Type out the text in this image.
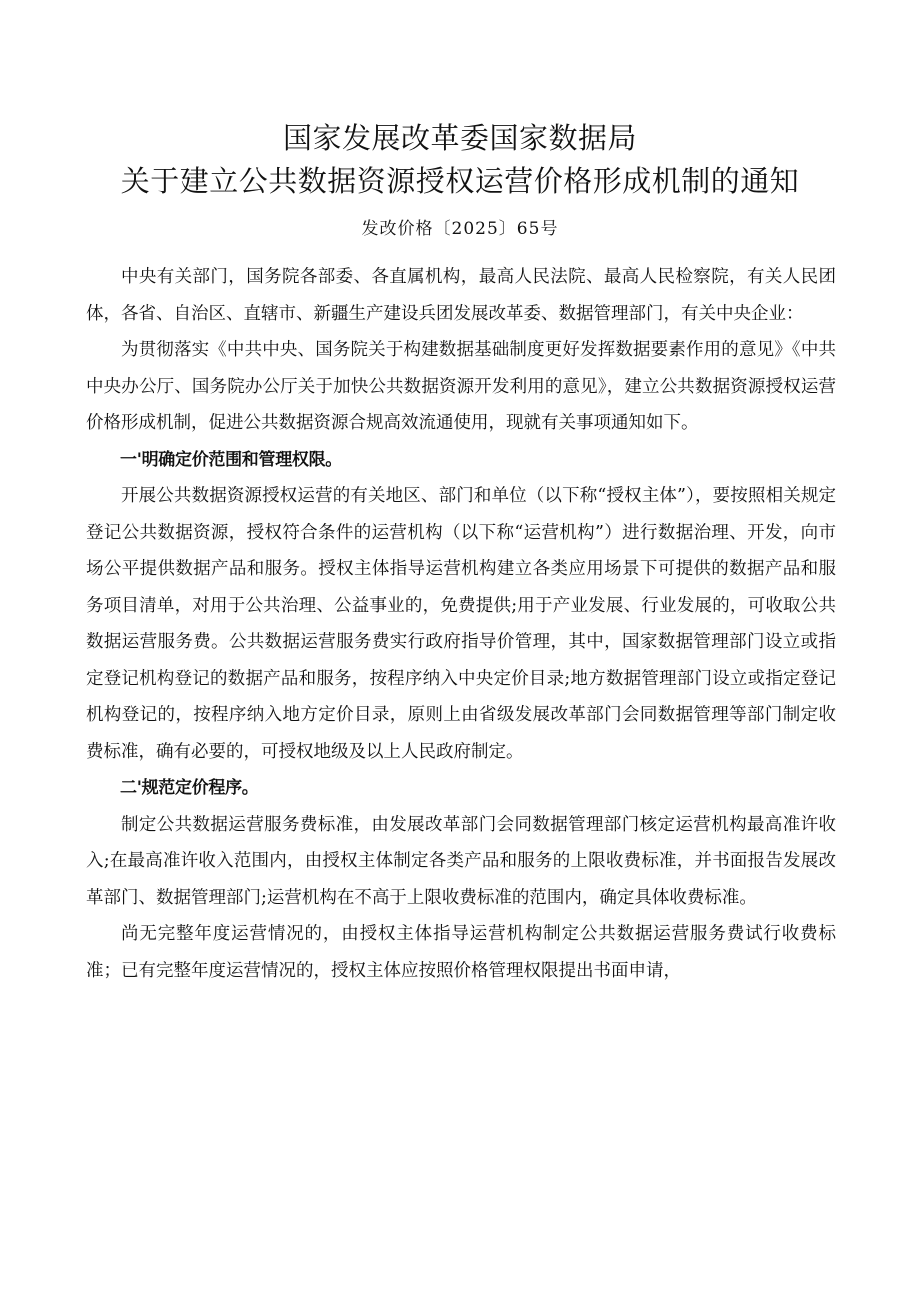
国家发展改革委国家数据局
关于建立公共数据资源授权运营价格形成机制的通知
发改价格〔2025〕65号

中央有关部门，国务院各部委、各直属机构，最高人民法院、最高人民检察院，有关人民团体，各省、自治区、直辖市、新疆生产建设兵团发展改革委、数据管理部门，有关中央企业：

为贯彻落实《中共中央、国务院关于构建数据基础制度更好发挥数据要素作用的意见》《中共中央办公厅、国务院办公厅关于加快公共数据资源开发利用的意见》，建立公共数据资源授权运营价格形成机制，促进公共数据资源合规高效流通使用，现就有关事项通知如下。

一'明确定价范围和管理权限。

开展公共数据资源授权运营的有关地区、部门和单位（以下称“授权主体”），要按照相关规定登记公共数据资源，授权符合条件的运营机构（以下称“运营机构”）进行数据治理、开发，向市场公平提供数据产品和服务。授权主体指导运营机构建立各类应用场景下可提供的数据产品和服务项目清单，对用于公共治理、公益事业的，免费提供;用于产业发展、行业发展的，可收取公共数据运营服务费。公共数据运营服务费实行政府指导价管理，其中，国家数据管理部门设立或指定登记机构登记的数据产品和服务，按程序纳入中央定价目录;地方数据管理部门设立或指定登记机构登记的，按程序纳入地方定价目录，原则上由省级发展改革部门会同数据管理等部门制定收费标准，确有必要的，可授权地级及以上人民政府制定。

二'规范定价程序。

制定公共数据运营服务费标准，由发展改革部门会同数据管理部门核定运营机构最高准许收入;在最高准许收入范围内，由授权主体制定各类产品和服务的上限收费标准，并书面报告发展改革部门、数据管理部门;运营机构在不高于上限收费标准的范围内，确定具体收费标准。

尚无完整年度运营情况的，由授权主体指导运营机构制定公共数据运营服务费试行收费标准；已有完整年度运营情况的，授权主体应按照价格管理权限提出书面申请，
